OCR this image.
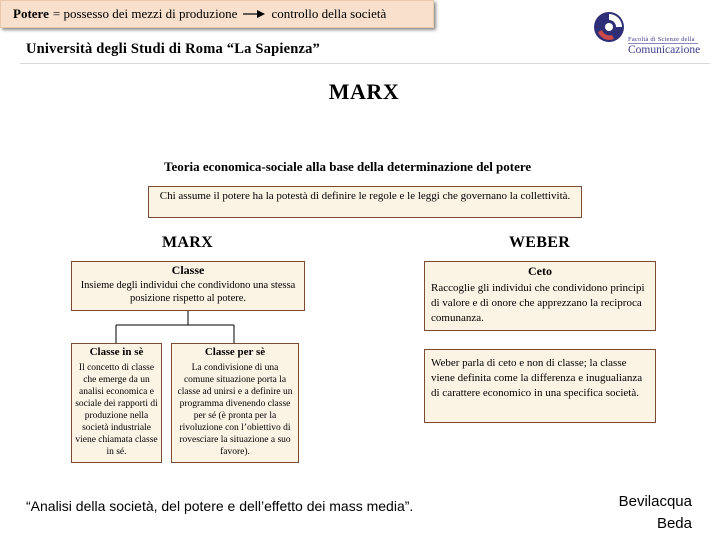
Università degli Studi di Roma “La Sapienza”
Facoltà di Scienze della
Comunicazione
MARX
Potere = possesso dei mezzi di produzione	controllo della società
Teoria economica-sociale alla base della determinazione del potere
Chi assume il potere ha la potestà di definire le regole e le leggi che governano la collettività.
MARX	WEBER
Classe
Insieme degli individui che condividono una stessa posizione rispetto al potere.
Ceto
Raccoglie gli individui che condividono principi di valore e di onore che apprezzano la reciproca comunanza.
Weber parla di ceto e non di classe; la classe viene definita come la differenza e inugualianza di carattere economico in una specifica società.
Classe in sè
Il concetto di classe che emerge da un analisi economica e sociale dei rapporti di produzione nella società industriale viene chiamata classe in sé.
Classe per sè
La condivisione di una comune situazione porta la classe ad unirsi e a definire un programma divenendo classe per sé (è pronta per la rivoluzione con l’obiettivo di rovesciare la situazione a suo favore).
“Analisi della società, del potere e dell’effetto dei mass media”.	Bevilacqua
Beda
